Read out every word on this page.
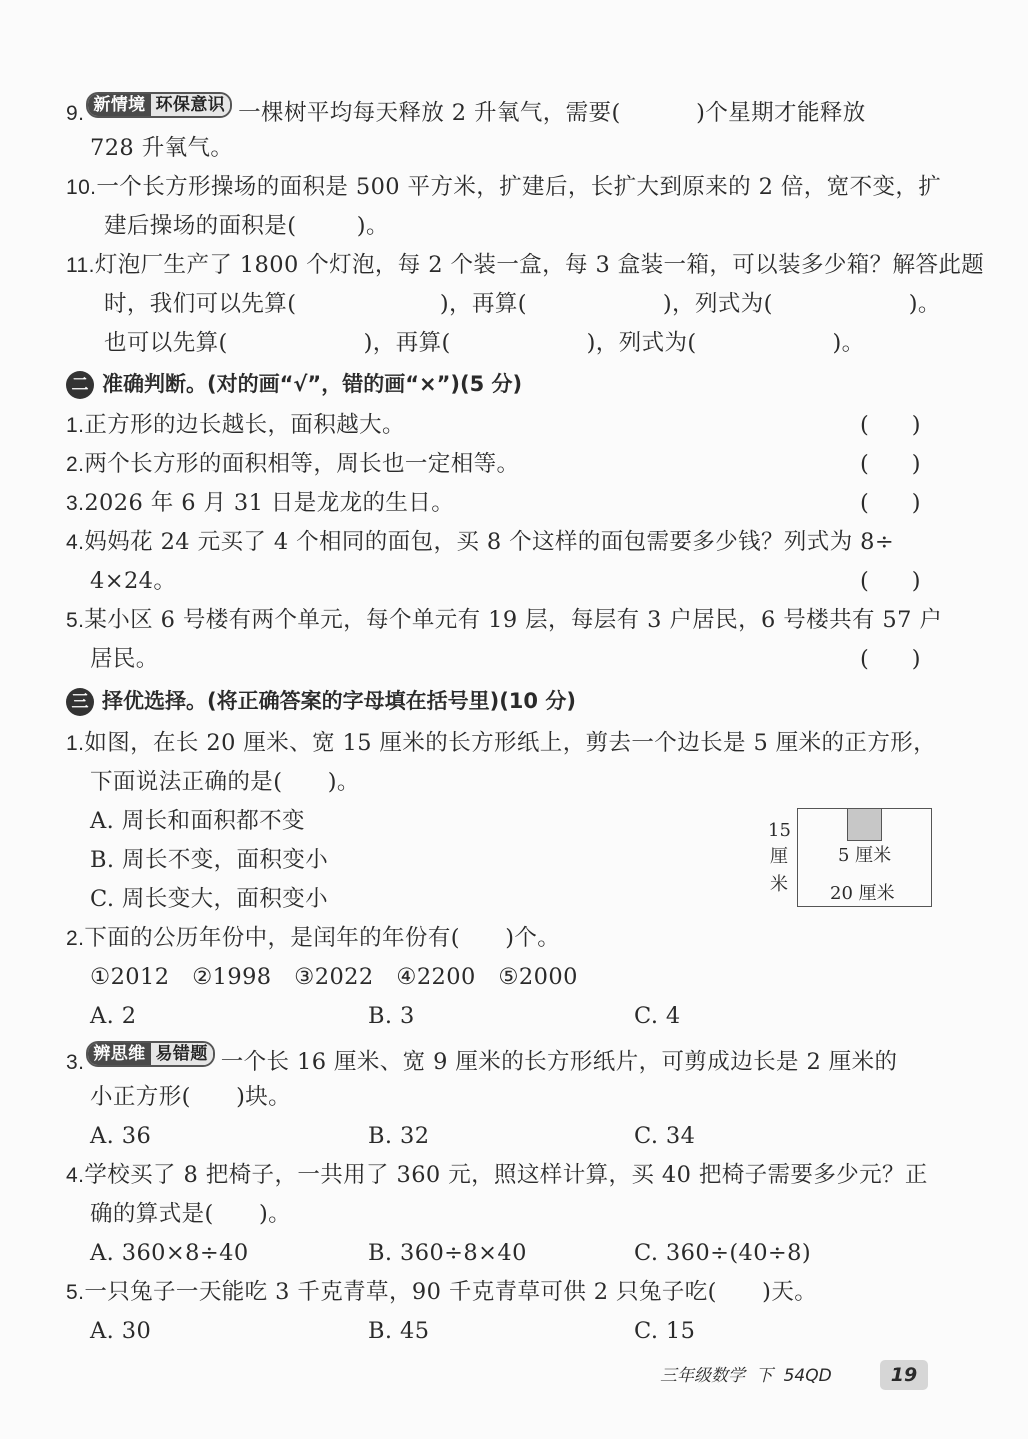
9. 新情境 环保意识 一棵树平均每天释放 2 升氧气，需要(          )个星期才能释放
728 升氧气。
10.一个长方形操场的面积是 500 平方米，扩建后，长扩大到原来的 2 倍，宽不变，扩
建后操场的面积是(        )。
11.灯泡厂生产了 1800 个灯泡，每 2 个装一盒，每 3 盒装一箱，可以装多少箱？解答此题
时，我们可以先算(                   )，再算(                  )，列式为(                  )。
也可以先算(                  )，再算(                  )，列式为(                  )。
二 准确判断。(对的画“√”，错的画“×”)(5 分)
1.正方形的边长越长，面积越大。	(      )
2.两个长方形的面积相等，周长也一定相等。	(      )
3.2026 年 6 月 31 日是龙龙的生日。	(      )
4.妈妈花 24 元买了 4 个相同的面包，买 8 个这样的面包需要多少钱？列式为 8÷
4×24。	(      )
5.某小区 6 号楼有两个单元，每个单元有 19 层，每层有 3 户居民，6 号楼共有 57 户
居民。	(      )
三 择优选择。(将正确答案的字母填在括号里)(10 分)
1.如图，在长 20 厘米、宽 15 厘米的长方形纸上，剪去一个边长是 5 厘米的正方形，
下面说法正确的是(      )。
A. 周长和面积都不变
B. 周长不变，面积变小
C. 周长变大，面积变小
15
厘
米
5 厘米
20 厘米
2.下面的公历年份中，是闰年的年份有(      )个。
①2012   ②1998   ③2022   ④2200   ⑤2000
A. 2	B. 3	C. 4
3. 辨思维 易错题 一个长 16 厘米、宽 9 厘米的长方形纸片，可剪成边长是 2 厘米的
小正方形(      )块。
A. 36	B. 32	C. 34
4.学校买了 8 把椅子，一共用了 360 元，照这样计算，买 40 把椅子需要多少元？正
确的算式是(      )。
A. 360×8÷40	B. 360÷8×40	C. 360÷(40÷8)
5.一只兔子一天能吃 3 千克青草，90 千克青草可供 2 只兔子吃(      )天。
A. 30	B. 45	C. 15
三年级数学  下  54QD	19
